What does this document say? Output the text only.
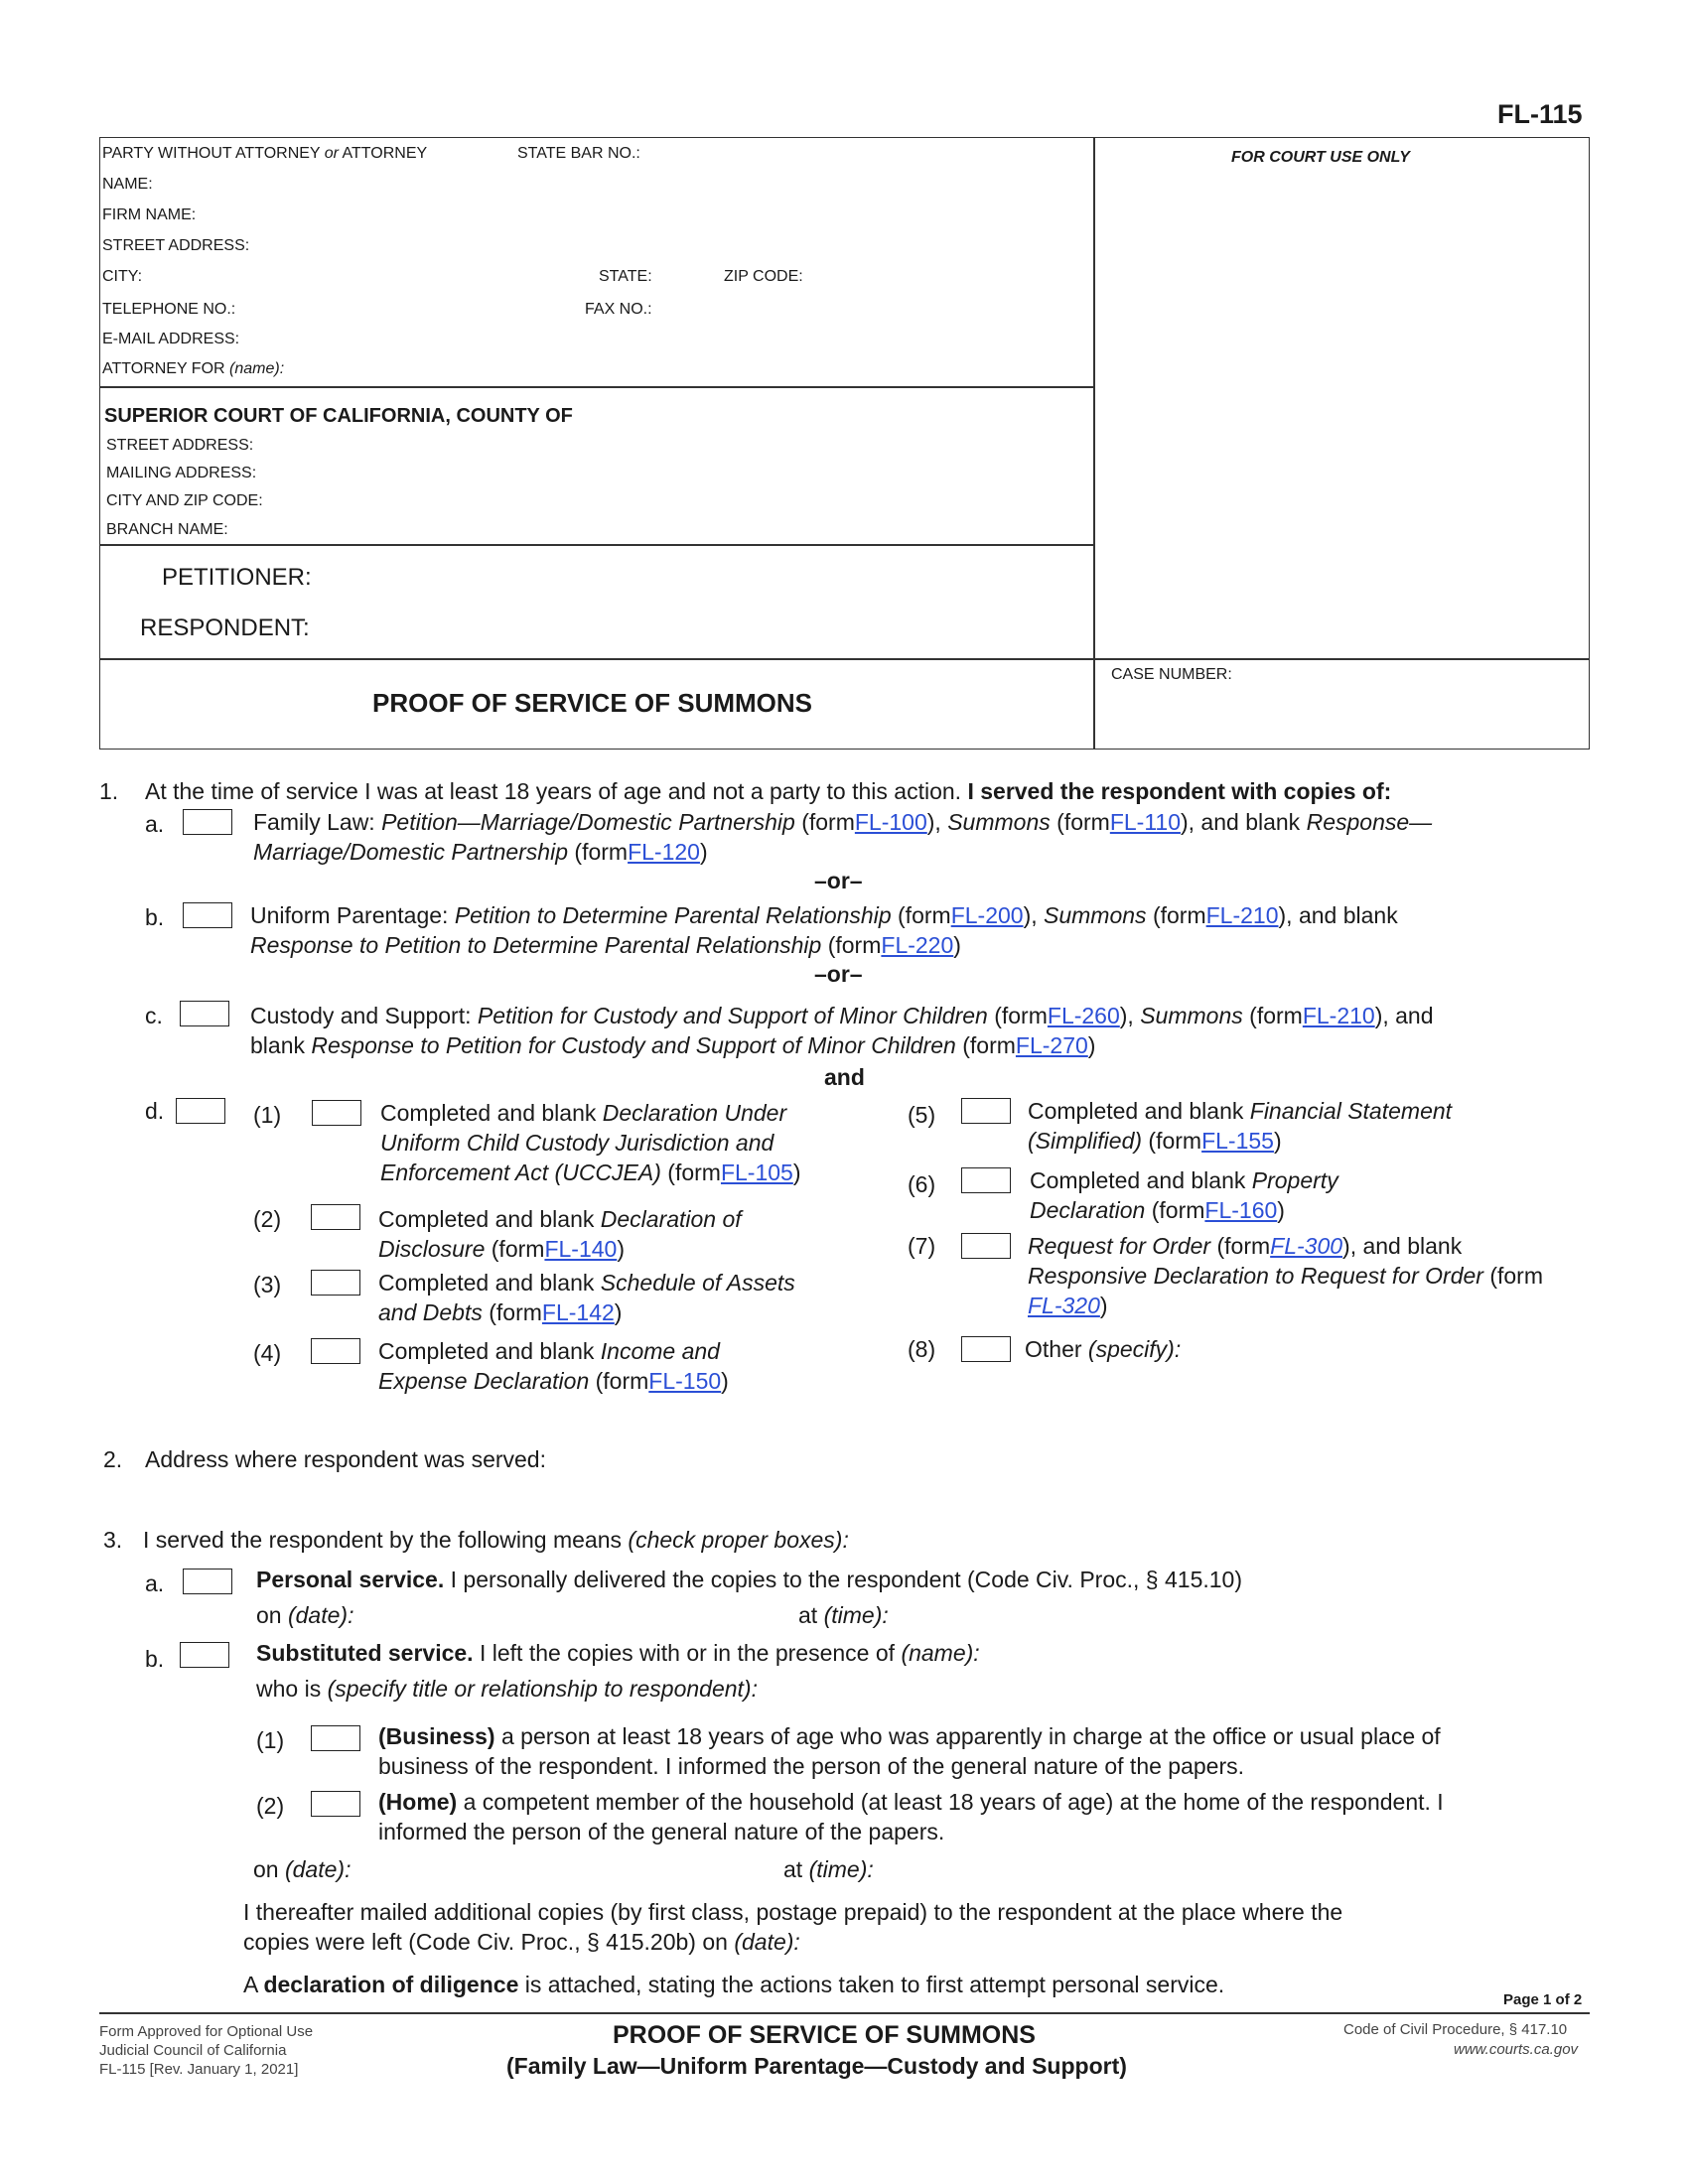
FL-115
PARTY WITHOUT ATTORNEY or ATTORNEY	STATE BAR NO.:
NAME:
FIRM NAME:
STREET ADDRESS:
CITY:	STATE:	ZIP CODE:
TELEPHONE NO.:	FAX NO.:
E-MAIL ADDRESS:
ATTORNEY FOR (name):
FOR COURT USE ONLY
SUPERIOR COURT OF CALIFORNIA, COUNTY OF
STREET ADDRESS:
MAILING ADDRESS:
CITY AND ZIP CODE:
BRANCH NAME:
PETITIONER:
RESPONDENT:
PROOF OF SERVICE OF SUMMONS
CASE NUMBER:
1. At the time of service I was at least 18 years of age and not a party to this action. I served the respondent with copies of:
a.	Family Law: Petition—Marriage/Domestic Partnership (formFL-100), Summons (formFL-110), and blank Response—
Marriage/Domestic Partnership (formFL-120)
–or–
b.	Uniform Parentage: Petition to Determine Parental Relationship (formFL-200), Summons (formFL-210), and blank
Response to Petition to Determine Parental Relationship (formFL-220)
–or–
c.	Custody and Support: Petition for Custody and Support of Minor Children (formFL-260), Summons (formFL-210), and
blank Response to Petition for Custody and Support of Minor Children (formFL-270)
and
d.	(1)	Completed and blank Declaration Under
Uniform Child Custody Jurisdiction and
Enforcement Act (UCCJEA) (formFL-105)
(2)	Completed and blank Declaration of
Disclosure (formFL-140)
(3)	Completed and blank Schedule of Assets
and Debts (formFL-142)
(4)	Completed and blank Income and
Expense Declaration (formFL-150)
(5)	Completed and blank Financial Statement
(Simplified) (formFL-155)
(6)	Completed and blank Property
Declaration (formFL-160)
(7)	Request for Order (formFL-300), and blank
Responsive Declaration to Request for Order (form
FL-320)
(8)	Other (specify):
2. Address where respondent was served:
3. I served the respondent by the following means (check proper boxes):
a.	Personal service. I personally delivered the copies to the respondent (Code Civ. Proc., § 415.10)
on (date):	at (time):
b.	Substituted service. I left the copies with or in the presence of (name):
who is (specify title or relationship to respondent):
(1)	(Business) a person at least 18 years of age who was apparently in charge at the office or usual place of
business of the respondent. I informed the person of the general nature of the papers.
(2)	(Home) a competent member of the household (at least 18 years of age) at the home of the respondent. I
informed the person of the general nature of the papers.
on (date):	at (time):
I thereafter mailed additional copies (by first class, postage prepaid) to the respondent at the place where the
copies were left (Code Civ. Proc., § 415.20b) on (date):
A declaration of diligence is attached, stating the actions taken to first attempt personal service.
Page 1 of 2
Form Approved for Optional Use
Judicial Council of California
FL-115 [Rev. January 1, 2021]
PROOF OF SERVICE OF SUMMONS
(Family Law—Uniform Parentage—Custody and Support)
Code of Civil Procedure, § 417.10
www.courts.ca.gov
